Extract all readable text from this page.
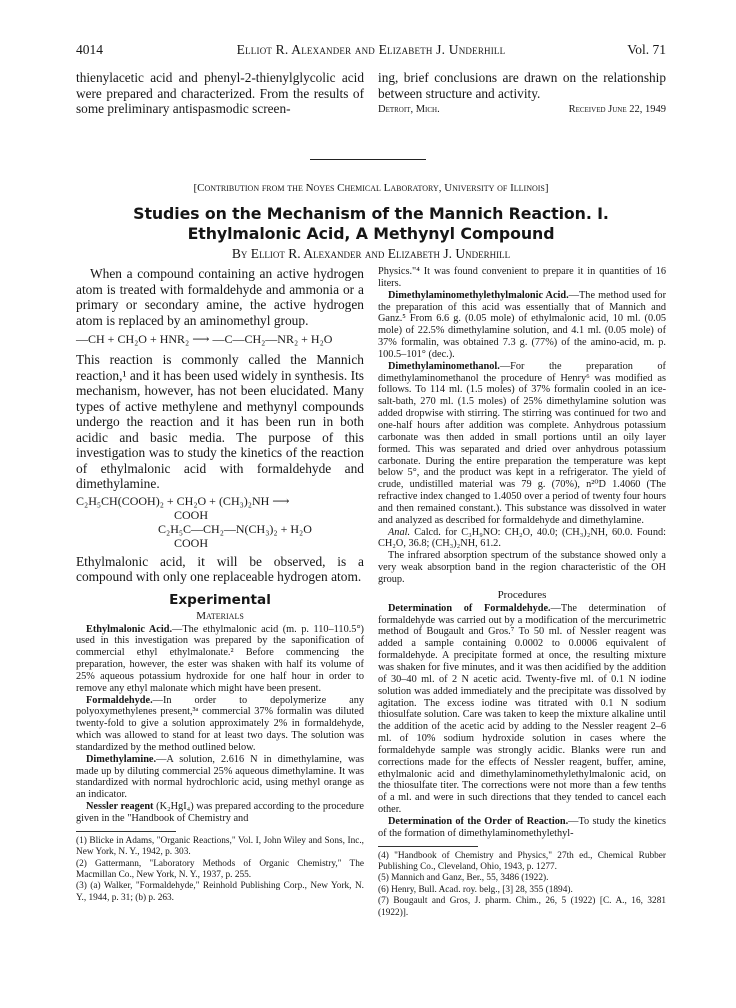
4014	Elliot R. Alexander and Elizabeth J. Underhill	Vol. 71
thienylacetic acid and phenyl-2-thienylglycolic acid were prepared and characterized. From the results of some preliminary antispasmodic screen-
ing, brief conclusions are drawn on the relationship between structure and activity.
Detroit, Mich.	Received June 22, 1949
[Contribution from the Noyes Chemical Laboratory, University of Illinois]
Studies on the Mechanism of the Mannich Reaction. I. Ethylmalonic Acid, A Methynyl Compound
By Elliot R. Alexander and Elizabeth J. Underhill

When a compound containing an active hydrogen atom is treated with formaldehyde and ammonia or a primary or secondary amine, the active hydrogen atom is replaced by an aminomethyl group.

—CH + CH₂O + HNR₂ ⟶ —C—CH₂—NR₂ + H₂O

This reaction is commonly called the Mannich reaction,¹ and it has been used widely in synthesis. Its mechanism, however, has not been elucidated. Many types of active methylene and methynyl compounds undergo the reaction and it has been run in both acidic and basic media. The purpose of this investigation was to study the kinetics of the reaction of ethylmalonic acid with formaldehyde and dimethylamine.

C₂H₅CH(COOH)₂ + CH₂O + (CH₃)₂NH ⟶
COOH
C₂H₅C—CH₂—N(CH₃)₂ + H₂O
COOH

Ethylmalonic acid, it will be observed, is a compound with only one replaceable hydrogen atom.

Experimental
Materials

Ethylmalonic Acid.—The ethylmalonic acid (m. p. 110–110.5°) used in this investigation was prepared by the saponification of commercial ethyl ethylmalonate.² Before commencing the preparation, however, the ester was shaken with half its volume of 25% aqueous potassium hydroxide for one half hour in order to remove any ethyl malonate which might have been present.

Formaldehyde.—In order to depolymerize any polyoxymethylenes present,³ᵃ commercial 37% formalin was diluted twenty-fold to give a solution approximately 2% in formaldehyde, which was allowed to stand for at least two days. The solution was standardized by the method outlined below.

Dimethylamine.—A solution, 2.616 N in dimethylamine, was made up by diluting commercial 25% aqueous dimethylamine. It was standardized with normal hydrochloric acid, using methyl orange as an indicator.

Nessler reagent (K₂HgI₄) was prepared according to the procedure given in the "Handbook of Chemistry and

(1) Blicke in Adams, "Organic Reactions," Vol. I, John Wiley and Sons, Inc., New York, N. Y., 1942, p. 303.

(2) Gattermann, "Laboratory Methods of Organic Chemistry," The Macmillan Co., New York, N. Y., 1937, p. 255.

(3) (a) Walker, "Formaldehyde," Reinhold Publishing Corp., New York, N. Y., 1944, p. 31; (b) p. 263.

Physics."⁴ It was found convenient to prepare it in quantities of 16 liters.

Dimethylaminomethylethylmalonic Acid.—The method used for the preparation of this acid was essentially that of Mannich and Ganz.⁵ From 6.6 g. (0.05 mole) of ethylmalonic acid, 10 ml. (0.05 mole) of 22.5% dimethylamine solution, and 4.1 ml. (0.05 mole) of 37% formalin, was obtained 7.3 g. (77%) of the amino-acid, m. p. 100.5–101° (dec.).

Dimethylaminomethanol.—For the preparation of dimethylaminomethanol the procedure of Henry⁶ was modified as follows. To 114 ml. (1.5 moles) of 37% formalin cooled in an ice-salt-bath, 270 ml. (1.5 moles) of 25% dimethylamine solution was added dropwise with stirring. The stirring was continued for two and one-half hours after addition was complete. Anhydrous potassium carbonate was then added in small portions until an oily layer formed. This was separated and dried over anhydrous potassium carbonate. During the entire preparation the temperature was kept below 5°, and the product was kept in a refrigerator. The yield of crude, undistilled material was 79 g. (70%), n²⁰D 1.4060 (The refractive index changed to 1.4050 over a period of twenty four hours and then remained constant.). This substance was dissolved in water and analyzed as described for formaldehyde and dimethylamine.

Anal. Calcd. for C₃H₉NO: CH₂O, 40.0; (CH₃)₂NH, 60.0. Found: CH₂O, 36.8; (CH₃)₂NH, 61.2.

The infrared absorption spectrum of the substance showed only a very weak absorption band in the region characteristic of the OH group.

Procedures

Determination of Formaldehyde.—The determination of formaldehyde was carried out by a modification of the mercurimetric method of Bougault and Gros.⁷ To 50 ml. of Nessler reagent was added a sample containing 0.0002 to 0.0006 equivalent of formaldehyde. A precipitate formed at once, the resulting mixture was shaken for five minutes, and it was then acidified by the addition of 30–40 ml. of 2 N acetic acid. Twenty-five ml. of 0.1 N iodine solution was added immediately and the precipitate was dissolved by agitation. The excess iodine was titrated with 0.1 N sodium thiosulfate solution. Care was taken to keep the mixture alkaline until the addition of the acetic acid by adding to the Nessler reagent 2–6 ml. of 10% sodium hydroxide solution in cases where the formaldehyde sample was strongly acidic. Blanks were run and corrections made for the effects of Nessler reagent, buffer, amine, ethylmalonic acid and dimethylaminomethylethylmalonic acid, on the thiosulfate titer. The corrections were not more than a few tenths of a ml. and were in such directions that they tended to cancel each other.

Determination of the Order of Reaction.—To study the kinetics of the formation of dimethylaminomethylethyl-

(4) "Handbook of Chemistry and Physics," 27th ed., Chemical Rubber Publishing Co., Cleveland, Ohio, 1943, p. 1277.

(5) Mannich and Ganz, Ber., 55, 3486 (1922).

(6) Henry, Bull. Acad. roy. belg., [3] 28, 355 (1894).

(7) Bougault and Gros, J. pharm. Chim., 26, 5 (1922) [C. A., 16, 3281 (1922)].
